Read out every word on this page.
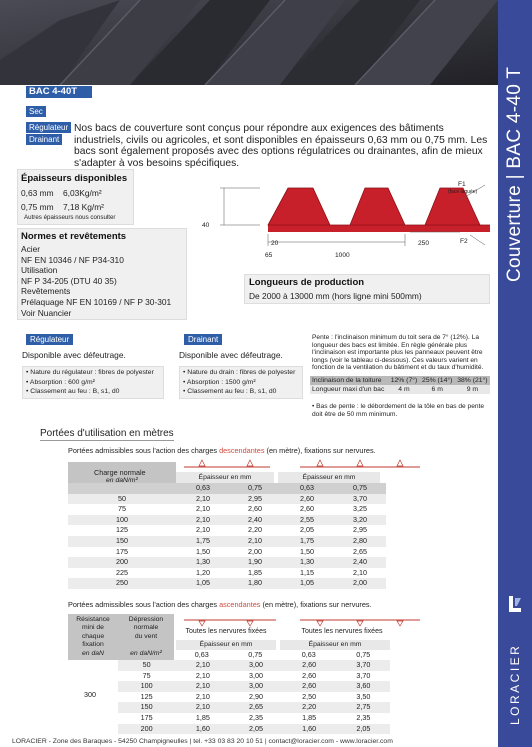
Couverture | BAC 4-40 T
LORACIER
BAC 4-40T
Sec
Régulateur
Drainant
Nos bacs de couverture sont conçus pour répondre aux exigences des bâtiments industriels, civils ou agricoles, et sont disponibles en épaisseurs 0,63 mm ou 0,75 mm. Les bacs sont également proposés avec des options régulatrices ou drainantes, afin de mieux s'adapter à vos besoins spécifiques.
Épaisseurs disponibles
0,63 mm 6,03Kg/m²
0,75 mm 7,18 Kg/m²
Autres épaisseurs nous consulter
40
20
65	1000
250
F1
(face laquée)
F2
Normes et revêtements
Acier
NF EN 10346 / NF P34-310
Utilisation
NF P 34-205 (DTU 40 35)
Revêtements
Prélaquage NF EN 10169 / NF P 30-301
Voir Nuancier
Longueurs de production
De 2000 à 13000 mm (hors ligne mini 500mm)
Régulateur
Disponible avec défeutrage.
• Nature du régulateur : fibres de polyester
• Absorption : 600 g/m²
• Classement au feu : B, s1, d0
Drainant
Disponible avec défeutrage.
• Nature du drain : fibres de polyester
• Absorption : 1500 g/m²
• Classement au feu : B, s1, d0
Pente : l'inclinaison minimum du toit sera de 7° (12%). La longueur des bacs est limitée. En règle générale plus l'inclinaison est importante plus les panneaux peuvent être longs (voir le tableau ci-dessous). Ces valeurs varient en fonction de la ventilation du bâtiment et du taux d'humidité.
Inclinaison de la toiture	12% (7°)	25% (14°)	38% (21°)
Longueur maxi d'un bac	4 m	6 m	9 m
• Bas de pente : le débordement de la tôle en bas de pente doit être de 50 mm minimum.
Portées d'utilisation en mètres
Portées admissibles sous l'action des charges descendantes (en mètre), fixations sur nervures.
Charge normale
en daN/m²	Épaisseur en mm	Épaisseur en mm
	0,63	0,75	0,63	0,75
50	2,10	2,95	2,60	3,70
75	2,10	2,60	2,60	3,25
100	2,10	2,40	2,55	3,20
125	2,10	2,20	2,05	2,95
150	1,75	2,10	1,75	2,80
175	1,50	2,00	1,50	2,65
200	1,30	1,90	1,30	2,40
225	1,20	1,85	1,15	2,10
250	1,05	1,80	1,05	2,00
Portées admissibles sous l'action des charges ascendantes (en mètre), fixations sur nervures.
Résistance
mini de
chaque
fixation
en daN
Dépression
normale
du vent
en daN/m²
Toutes les nervures fixées	Toutes les nervures fixées
Épaisseur en mm	Épaisseur en mm
0,63	0,75	0,63	0,75
300
50	2,10	3,00	2,60	3,70
75	2,10	3,00	2,60	3,70
100	2,10	3,00	2,60	3,60
125	2,10	2,90	2,50	3,50
150	2,10	2,65	2,20	2,75
175	1,85	2,35	1,85	2,35
200	1,60	2,05	1,60	2,05
LORACIER - Zone des Baraques - 54250 Champigneulles | tel. +33 03 83 20 10 51 | contact@loracier.com - www.loracier.com
